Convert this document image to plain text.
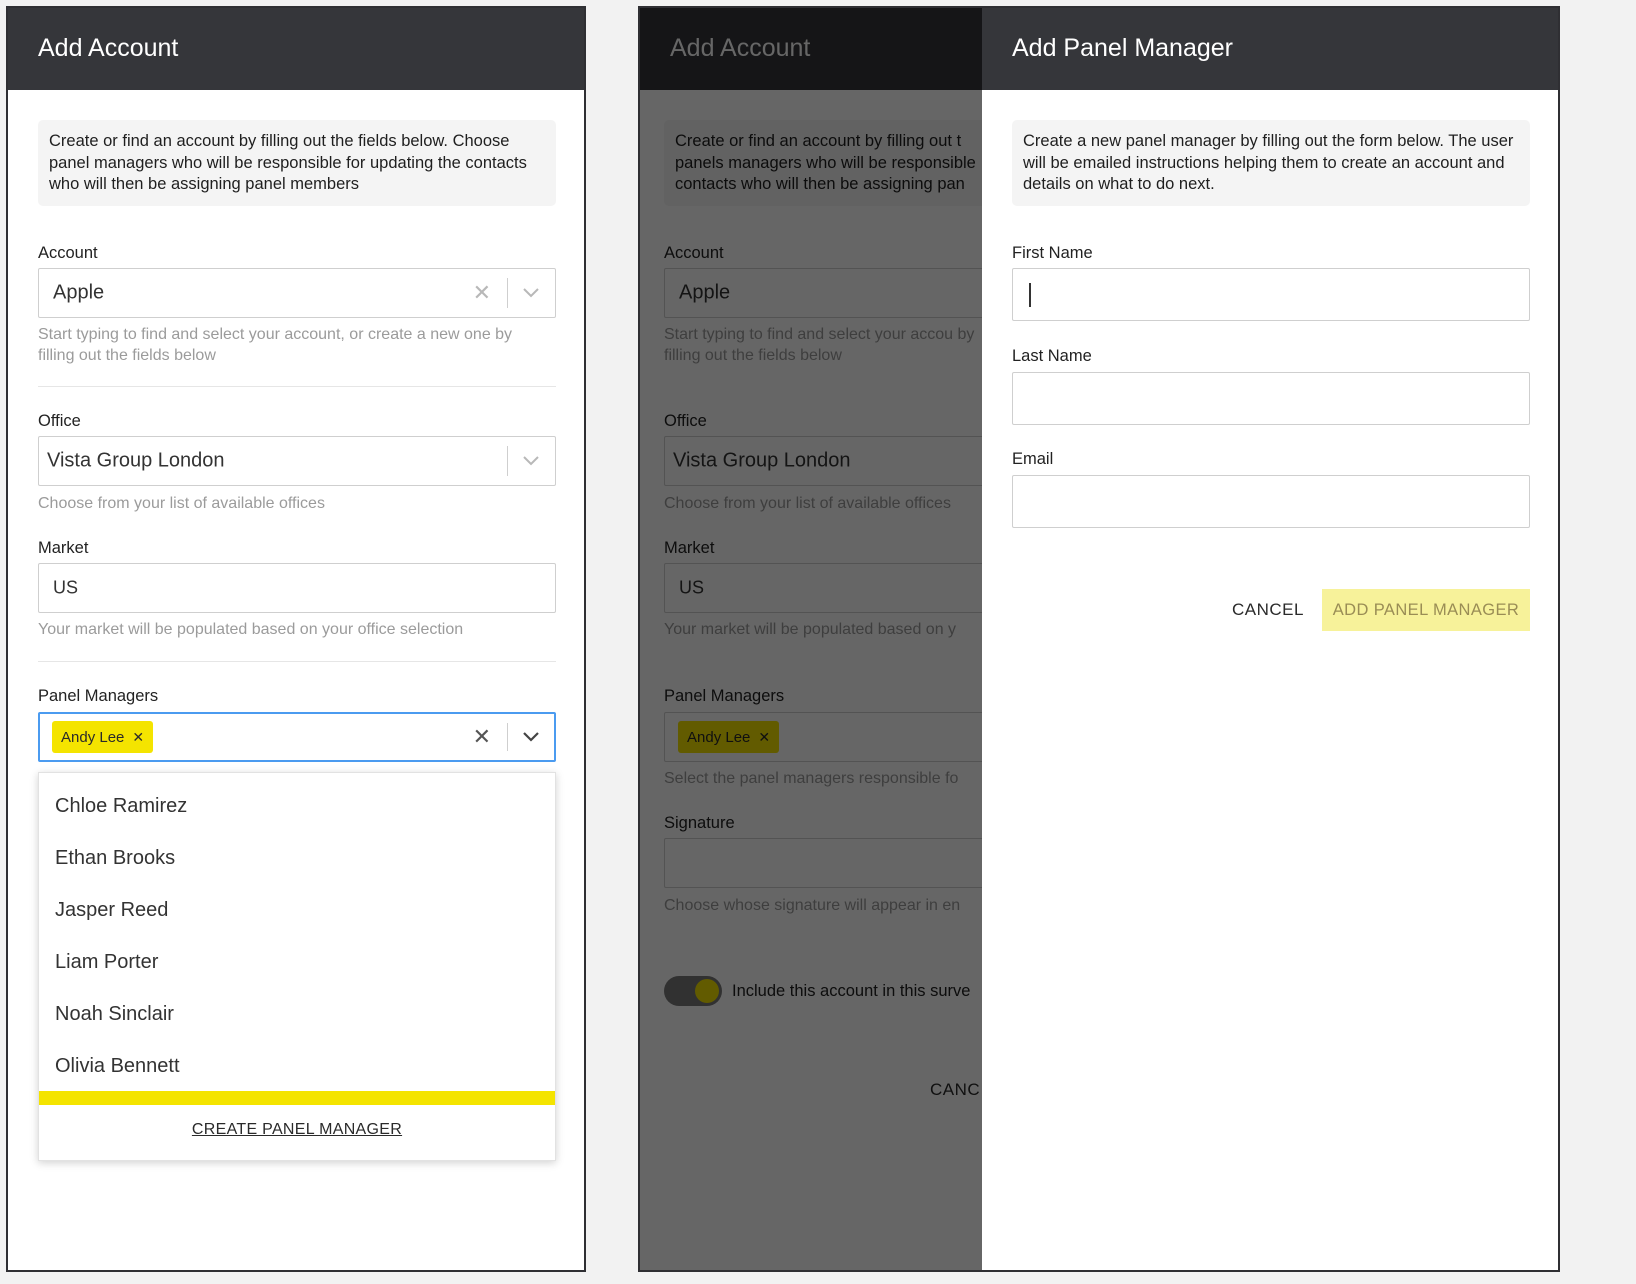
Add Account
Create or find an account by filling out the fields below. Choose panel managers who will be responsible for updating the contacts who will then be assigning panel members
Account
Apple	✕
Start typing to find and select your account, or create a new one by filling out the fields below
Office
Vista Group London
Choose from your list of available offices
Market
US
Your market will be populated based on your office selection
Panel Managers
Andy Lee ✕	✕
Chloe Ramirez
Ethan Brooks
Jasper Reed
Liam Porter
Noah Sinclair
Olivia Bennett
CREATE PANEL MANAGER
Add Panel Manager
Create a new panel manager by filling out the form below. The user will be emailed instructions helping them to create an account and details on what to do next.
First Name
Last Name
Email
CANCEL	ADD PANEL MANAGER
